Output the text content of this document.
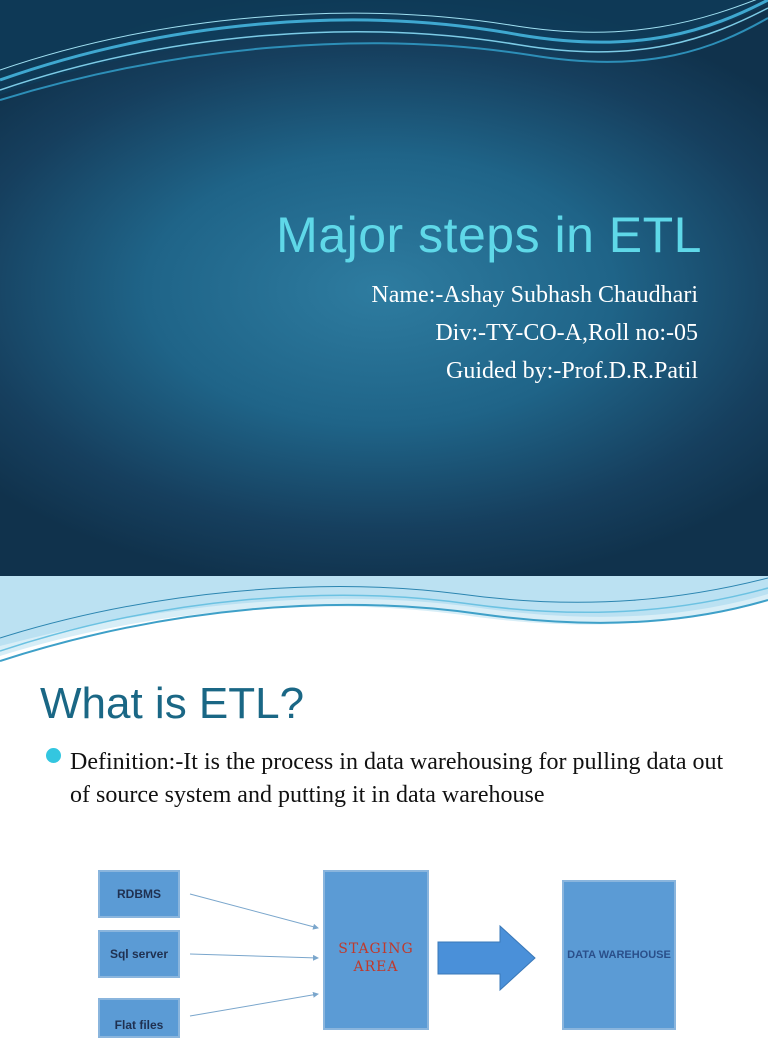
Major steps in ETL
Name:-Ashay Subhash Chaudhari
Div:-TY-CO-A,Roll no:-05
Guided by:-Prof.D.R.Patil
What is ETL?
Definition:-It is the process in data warehousing for pulling data out of source system and putting it in data warehouse
RDBMS
Sql server
Flat files
STAGING AREA
DATA WAREHOUSE
